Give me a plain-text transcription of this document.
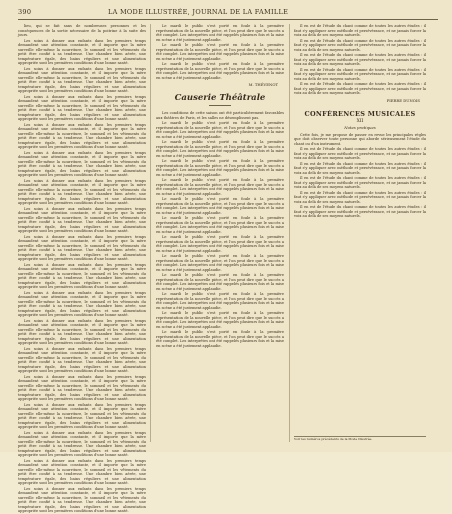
390	LA MODE ILLUSTRÉE, JOURNAL DE LA FAMILLE

lieu, qui se fait sans de nombreuses personnes et les conséquences de la sortie nécessaire de la poitrine à la suite des jours.

Les soins à donner aux enfants dans les premiers temps demandent une attention constante, et il importe que la mère surveille elle-même la nourriture, le sommeil et les vêtements du petit être confié à sa tendresse. Une chambre bien aérée, une température égale, des bains réguliers et une alimentation appropriée sont les premières conditions d'une bonne santé.

Les soins à donner aux enfants dans les premiers temps demandent une attention constante, et il importe que la mère surveille elle-même la nourriture, le sommeil et les vêtements du petit être confié à sa tendresse. Une chambre bien aérée, une température égale, des bains réguliers et une alimentation appropriée sont les premières conditions d'une bonne santé.

Les soins à donner aux enfants dans les premiers temps demandent une attention constante, et il importe que la mère surveille elle-même la nourriture, le sommeil et les vêtements du petit être confié à sa tendresse. Une chambre bien aérée, une température égale, des bains réguliers et une alimentation appropriée sont les premières conditions d'une bonne santé.

Les soins à donner aux enfants dans les premiers temps demandent une attention constante, et il importe que la mère surveille elle-même la nourriture, le sommeil et les vêtements du petit être confié à sa tendresse. Une chambre bien aérée, une température égale, des bains réguliers et une alimentation appropriée sont les premières conditions d'une bonne santé.

Les soins à donner aux enfants dans les premiers temps demandent une attention constante, et il importe que la mère surveille elle-même la nourriture, le sommeil et les vêtements du petit être confié à sa tendresse. Une chambre bien aérée, une température égale, des bains réguliers et une alimentation appropriée sont les premières conditions d'une bonne santé.

Les soins à donner aux enfants dans les premiers temps demandent une attention constante, et il importe que la mère surveille elle-même la nourriture, le sommeil et les vêtements du petit être confié à sa tendresse. Une chambre bien aérée, une température égale, des bains réguliers et une alimentation appropriée sont les premières conditions d'une bonne santé.

Les soins à donner aux enfants dans les premiers temps demandent une attention constante, et il importe que la mère surveille elle-même la nourriture, le sommeil et les vêtements du petit être confié à sa tendresse. Une chambre bien aérée, une température égale, des bains réguliers et une alimentation appropriée sont les premières conditions d'une bonne santé.

Les soins à donner aux enfants dans les premiers temps demandent une attention constante, et il importe que la mère surveille elle-même la nourriture, le sommeil et les vêtements du petit être confié à sa tendresse. Une chambre bien aérée, une température égale, des bains réguliers et une alimentation appropriée sont les premières conditions d'une bonne santé.

Les soins à donner aux enfants dans les premiers temps demandent une attention constante, et il importe que la mère surveille elle-même la nourriture, le sommeil et les vêtements du petit être confié à sa tendresse. Une chambre bien aérée, une température égale, des bains réguliers et une alimentation appropriée sont les premières conditions d'une bonne santé.

Les soins à donner aux enfants dans les premiers temps demandent une attention constante, et il importe que la mère surveille elle-même la nourriture, le sommeil et les vêtements du petit être confié à sa tendresse. Une chambre bien aérée, une température égale, des bains réguliers et une alimentation appropriée sont les premières conditions d'une bonne santé.

Les soins à donner aux enfants dans les premiers temps demandent une attention constante, et il importe que la mère surveille elle-même la nourriture, le sommeil et les vêtements du petit être confié à sa tendresse. Une chambre bien aérée, une température égale, des bains réguliers et une alimentation appropriée sont les premières conditions d'une bonne santé.

Les soins à donner aux enfants dans les premiers temps demandent une attention constante, et il importe que la mère surveille elle-même la nourriture, le sommeil et les vêtements du petit être confié à sa tendresse. Une chambre bien aérée, une température égale, des bains réguliers et une alimentation appropriée sont les premières conditions d'une bonne santé.

Les soins à donner aux enfants dans les premiers temps demandent une attention constante, et il importe que la mère surveille elle-même la nourriture, le sommeil et les vêtements du petit être confié à sa tendresse. Une chambre bien aérée, une température égale, des bains réguliers et une alimentation appropriée sont les premières conditions d'une bonne santé.

Les soins à donner aux enfants dans les premiers temps demandent une attention constante, et il importe que la mère surveille elle-même la nourriture, le sommeil et les vêtements du petit être confié à sa tendresse. Une chambre bien aérée, une température égale, des bains réguliers et une alimentation appropriée sont les premières conditions d'une bonne santé.

Les soins à donner aux enfants dans les premiers temps demandent une attention constante, et il importe que la mère surveille elle-même la nourriture, le sommeil et les vêtements du petit être confié à sa tendresse. Une chambre bien aérée, une température égale, des bains réguliers et une alimentation appropriée sont les premières conditions d'une bonne santé.

Les soins à donner aux enfants dans les premiers temps demandent une attention constante, et il importe que la mère surveille elle-même la nourriture, le sommeil et les vêtements du petit être confié à sa tendresse. Une chambre bien aérée, une température égale, des bains réguliers et une alimentation appropriée sont les premières conditions d'une bonne santé.

Les soins à donner aux enfants dans les premiers temps demandent une attention constante, et il importe que la mère surveille elle-même la nourriture, le sommeil et les vêtements du petit être confié à sa tendresse. Une chambre bien aérée, une température égale, des bains réguliers et une alimentation appropriée sont les premières conditions d'une bonne santé.

Le mardi le public s'est porté en foule à la première représentation de la nouvelle pièce, et l'on peut dire que le succès a été complet. Les interprètes ont été rappelés plusieurs fois et la mise en scène a été justement applaudie.

Le mardi le public s'est porté en foule à la première représentation de la nouvelle pièce, et l'on peut dire que le succès a été complet. Les interprètes ont été rappelés plusieurs fois et la mise en scène a été justement applaudie.

Le mardi le public s'est porté en foule à la première représentation de la nouvelle pièce, et l'on peut dire que le succès a été complet. Les interprètes ont été rappelés plusieurs fois et la mise en scène a été justement applaudie.

M. THÉVENOT
Causerie Théâtrale

Les conditions de cette saison ont été particulièrement favorables aux théâtres de Paris, et les salles ne désemplissent pas.

Le mardi le public s'est porté en foule à la première représentation de la nouvelle pièce, et l'on peut dire que le succès a été complet. Les interprètes ont été rappelés plusieurs fois et la mise en scène a été justement applaudie.

Le mardi le public s'est porté en foule à la première représentation de la nouvelle pièce, et l'on peut dire que le succès a été complet. Les interprètes ont été rappelés plusieurs fois et la mise en scène a été justement applaudie.

Le mardi le public s'est porté en foule à la première représentation de la nouvelle pièce, et l'on peut dire que le succès a été complet. Les interprètes ont été rappelés plusieurs fois et la mise en scène a été justement applaudie.

Le mardi le public s'est porté en foule à la première représentation de la nouvelle pièce, et l'on peut dire que le succès a été complet. Les interprètes ont été rappelés plusieurs fois et la mise en scène a été justement applaudie.

Le mardi le public s'est porté en foule à la première représentation de la nouvelle pièce, et l'on peut dire que le succès a été complet. Les interprètes ont été rappelés plusieurs fois et la mise en scène a été justement applaudie.

Le mardi le public s'est porté en foule à la première représentation de la nouvelle pièce, et l'on peut dire que le succès a été complet. Les interprètes ont été rappelés plusieurs fois et la mise en scène a été justement applaudie.

Le mardi le public s'est porté en foule à la première représentation de la nouvelle pièce, et l'on peut dire que le succès a été complet. Les interprètes ont été rappelés plusieurs fois et la mise en scène a été justement applaudie.

Le mardi le public s'est porté en foule à la première représentation de la nouvelle pièce, et l'on peut dire que le succès a été complet. Les interprètes ont été rappelés plusieurs fois et la mise en scène a été justement applaudie.

Le mardi le public s'est porté en foule à la première représentation de la nouvelle pièce, et l'on peut dire que le succès a été complet. Les interprètes ont été rappelés plusieurs fois et la mise en scène a été justement applaudie.

Le mardi le public s'est porté en foule à la première représentation de la nouvelle pièce, et l'on peut dire que le succès a été complet. Les interprètes ont été rappelés plusieurs fois et la mise en scène a été justement applaudie.

Le mardi le public s'est porté en foule à la première représentation de la nouvelle pièce, et l'on peut dire que le succès a été complet. Les interprètes ont été rappelés plusieurs fois et la mise en scène a été justement applaudie.

Le mardi le public s'est porté en foule à la première représentation de la nouvelle pièce, et l'on peut dire que le succès a été complet. Les interprètes ont été rappelés plusieurs fois et la mise en scène a été justement applaudie.

Il en est de l'étude du chant comme de toutes les autres études : il faut s'y appliquer avec méthode et persévérance, et ne jamais forcer la voix au delà de ses moyens naturels.

Il en est de l'étude du chant comme de toutes les autres études : il faut s'y appliquer avec méthode et persévérance, et ne jamais forcer la voix au delà de ses moyens naturels.

Il en est de l'étude du chant comme de toutes les autres études : il faut s'y appliquer avec méthode et persévérance, et ne jamais forcer la voix au delà de ses moyens naturels.

Il en est de l'étude du chant comme de toutes les autres études : il faut s'y appliquer avec méthode et persévérance, et ne jamais forcer la voix au delà de ses moyens naturels.

Il en est de l'étude du chant comme de toutes les autres études : il faut s'y appliquer avec méthode et persévérance, et ne jamais forcer la voix au delà de ses moyens naturels.

PIERRE DUNOIS
CONFÉRENCES MUSICALES
XII
Notes pratiques

Cette fois, je me propose de passer en revue les principales règles que doit observer toute personne qui aborde sérieusement l'étude du chant ou d'un instrument.

Il en est de l'étude du chant comme de toutes les autres études : il faut s'y appliquer avec méthode et persévérance, et ne jamais forcer la voix au delà de ses moyens naturels.

Il en est de l'étude du chant comme de toutes les autres études : il faut s'y appliquer avec méthode et persévérance, et ne jamais forcer la voix au delà de ses moyens naturels.

Il en est de l'étude du chant comme de toutes les autres études : il faut s'y appliquer avec méthode et persévérance, et ne jamais forcer la voix au delà de ses moyens naturels.

Il en est de l'étude du chant comme de toutes les autres études : il faut s'y appliquer avec méthode et persévérance, et ne jamais forcer la voix au delà de ses moyens naturels.

Il en est de l'étude du chant comme de toutes les autres études : il faut s'y appliquer avec méthode et persévérance, et ne jamais forcer la voix au delà de ses moyens naturels.

Voir les numéros précédents de la Mode Illustrée.
